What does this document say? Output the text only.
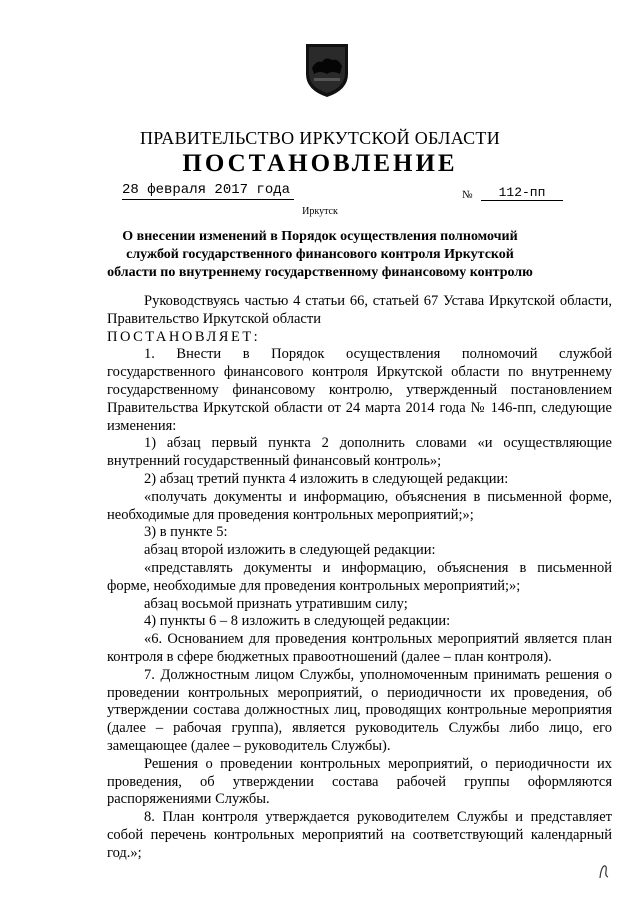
ПРАВИТЕЛЬСТВО ИРКУТСКОЙ ОБЛАСТИ
ПОСТАНОВЛЕНИЕ
28 февраля 2017 года	№	112-пп
Иркутск
О внесении изменений в Порядок осуществления полномочий службой государственного финансового контроля Иркутской области по внутреннему государственному финансовому контролю

Руководствуясь частью 4 статьи 66, статьей 67 Устава Иркутской области, Правительство Иркутской области

ПОСТАНОВЛЯЕТ:

1. Внести в Порядок осуществления полномочий службой государственного финансового контроля Иркутской области по внутреннему государственному финансовому контролю, утвержденный постановлением Правительства Иркутской области от 24 марта 2014 года № 146-пп, следующие изменения:

1) абзац первый пункта 2 дополнить словами «и осуществляющие внутренний государственный финансовый контроль»;

2) абзац третий пункта 4 изложить в следующей редакции:

«получать документы и информацию, объяснения в письменной форме, необходимые для проведения контрольных мероприятий;»;

3) в пункте 5:

абзац второй изложить в следующей редакции:

«представлять документы и информацию, объяснения в письменной форме, необходимые для проведения контрольных мероприятий;»;

абзац восьмой признать утратившим силу;

4) пункты 6 – 8 изложить в следующей редакции:

«6. Основанием для проведения контрольных мероприятий является план контроля в сфере бюджетных правоотношений (далее – план контроля).

7. Должностным лицом Службы, уполномоченным принимать решения о проведении контрольных мероприятий, о периодичности их проведения, об утверждении состава должностных лиц, проводящих контрольные мероприятия (далее – рабочая группа), является руководитель Службы либо лицо, его замещающее (далее – руководитель Службы).

Решения о проведении контрольных мероприятий, о периодичности их проведения, об утверждении состава рабочей группы оформляются распоряжениями Службы.

8. План контроля утверждается руководителем Службы и представляет собой перечень контрольных мероприятий на соответствующий календарный год.»;
